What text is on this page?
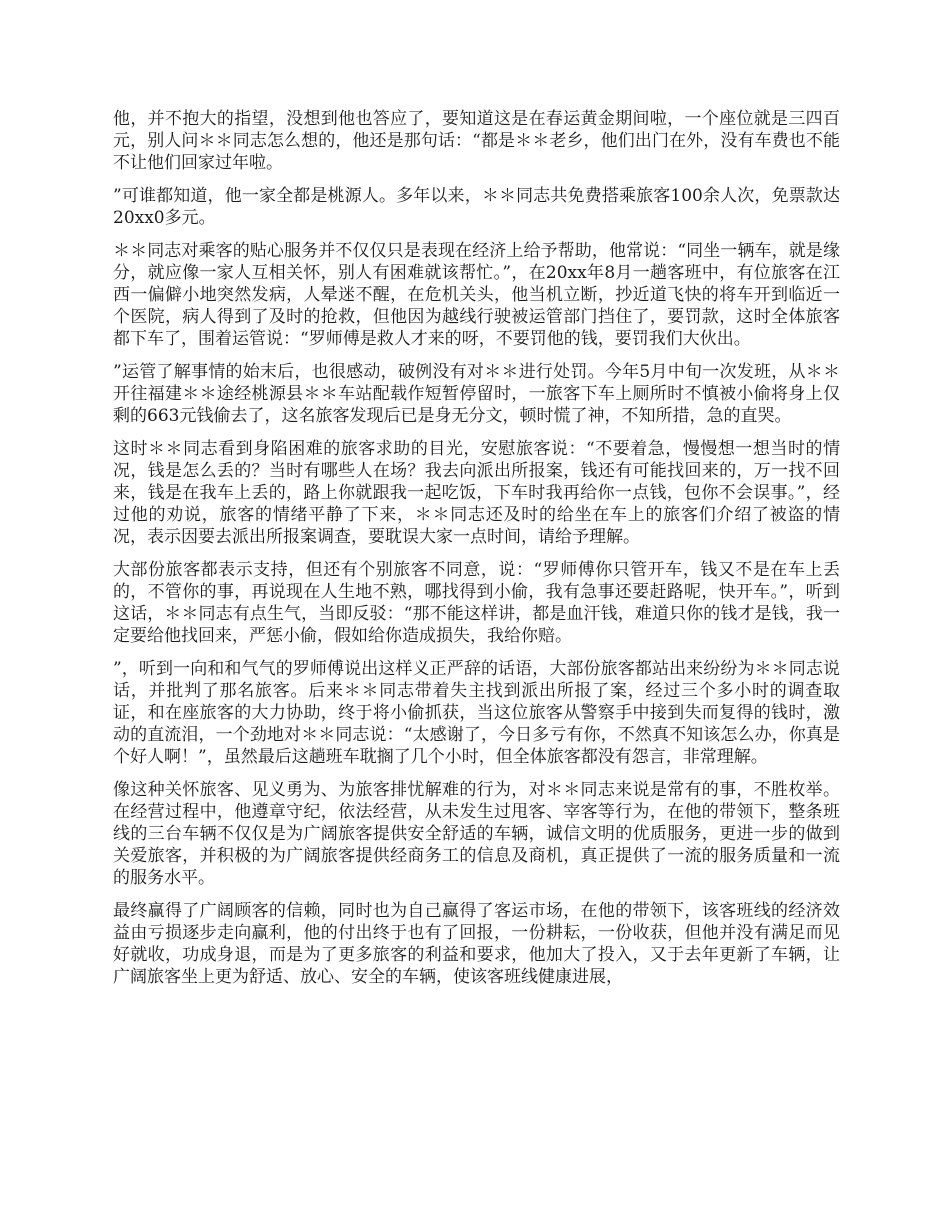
他，并不抱大的指望，没想到他也答应了，要知道这是在春运黄金期间啦，一个座位就是三四百元，别人问＊＊同志怎么想的，他还是那句话：“都是＊＊老乡，他们出门在外，没有车费也不能不让他们回家过年啦。

”可谁都知道，他一家全都是桃源人。多年以来，＊＊同志共免费搭乘旅客100余人次，免票款达20xx0多元。

＊＊同志对乘客的贴心服务并不仅仅只是表现在经济上给予帮助，他常说：“同坐一辆车，就是缘分，就应像一家人互相关怀，别人有困难就该帮忙。”，在20xx年8月一趟客班中，有位旅客在江西一偏僻小地突然发病，人晕迷不醒，在危机关头，他当机立断，抄近道飞快的将车开到临近一个医院，病人得到了及时的抢救，但他因为越线行驶被运管部门挡住了，要罚款，这时全体旅客都下车了，围着运管说：“罗师傅是救人才来的呀，不要罚他的钱，要罚我们大伙出。

”运管了解事情的始末后，也很感动，破例没有对＊＊进行处罚。今年5月中旬一次发班，从＊＊开往福建＊＊途经桃源县＊＊车站配载作短暂停留时，一旅客下车上厕所时不慎被小偷将身上仅剩的663元钱偷去了，这名旅客发现后已是身无分文，顿时慌了神，不知所措，急的直哭。

这时＊＊同志看到身陷困难的旅客求助的目光，安慰旅客说：“不要着急，慢慢想一想当时的情况，钱是怎么丢的？当时有哪些人在场？我去向派出所报案，钱还有可能找回来的，万一找不回来，钱是在我车上丢的，路上你就跟我一起吃饭，下车时我再给你一点钱，包你不会误事。”，经过他的劝说，旅客的情绪平静了下来，＊＊同志还及时的给坐在车上的旅客们介绍了被盗的情况，表示因要去派出所报案调查，要耽误大家一点时间，请给予理解。

大部份旅客都表示支持，但还有个别旅客不同意，说：“罗师傅你只管开车，钱又不是在车上丢的，不管你的事，再说现在人生地不熟，哪找得到小偷，我有急事还要赶路呢，快开车。”，听到这话，＊＊同志有点生气，当即反驳：“那不能这样讲，都是血汗钱，难道只你的钱才是钱，我一定要给他找回来，严惩小偷，假如给你造成损失，我给你赔。

”，听到一向和和气气的罗师傅说出这样义正严辞的话语，大部份旅客都站出来纷纷为＊＊同志说话，并批判了那名旅客。后来＊＊同志带着失主找到派出所报了案，经过三个多小时的调查取证，和在座旅客的大力协助，终于将小偷抓获，当这位旅客从警察手中接到失而复得的钱时，激动的直流泪，一个劲地对＊＊同志说：“太感谢了，今日多亏有你，不然真不知该怎么办，你真是个好人啊！”，虽然最后这趟班车耽搁了几个小时，但全体旅客都没有怨言，非常理解。

像这种关怀旅客、见义勇为、为旅客排忧解难的行为，对＊＊同志来说是常有的事，不胜枚举。在经营过程中，他遵章守纪，依法经营，从未发生过甩客、宰客等行为，在他的带领下，整条班线的三台车辆不仅仅是为广阔旅客提供安全舒适的车辆，诚信文明的优质服务，更进一步的做到关爱旅客，并积极的为广阔旅客提供经商务工的信息及商机，真正提供了一流的服务质量和一流的服务水平。

最终赢得了广阔顾客的信赖，同时也为自己赢得了客运市场，在他的带领下，该客班线的经济效益由亏损逐步走向赢利，他的付出终于也有了回报，一份耕耘，一份收获，但他并没有满足而见好就收，功成身退，而是为了更多旅客的利益和要求，他加大了投入，又于去年更新了车辆，让广阔旅客坐上更为舒适、放心、安全的车辆，使该客班线健康进展，
